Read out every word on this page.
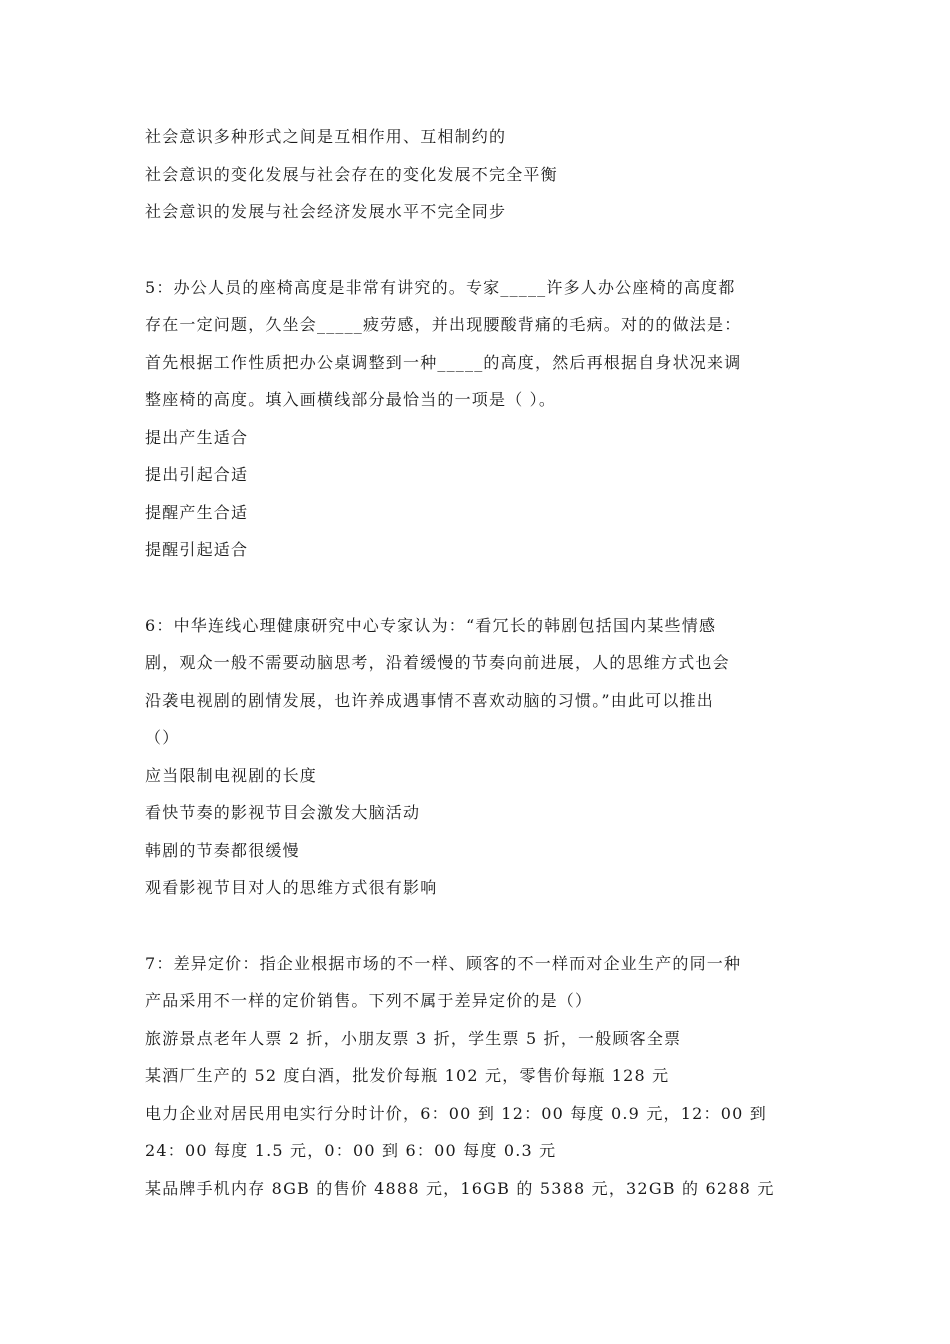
社会意识多种形式之间是互相作用、互相制约的
社会意识的变化发展与社会存在的变化发展不完全平衡
社会意识的发展与社会经济发展水平不完全同步
5：办公人员的座椅高度是非常有讲究的。专家_____许多人办公座椅的高度都
存在一定问题，久坐会_____疲劳感，并出现腰酸背痛的毛病。对的的做法是：
首先根据工作性质把办公桌调整到一种_____的高度，然后再根据自身状况来调
整座椅的高度。填入画横线部分最恰当的一项是（ ）。
提出产生适合
提出引起合适
提醒产生合适
提醒引起适合
6：中华连线心理健康研究中心专家认为：“看冗长的韩剧包括国内某些情感
剧，观众一般不需要动脑思考，沿着缓慢的节奏向前进展，人的思维方式也会
沿袭电视剧的剧情发展，也许养成遇事情不喜欢动脑的习惯。”由此可以推出
（）
应当限制电视剧的长度
看快节奏的影视节目会激发大脑活动
韩剧的节奏都很缓慢
观看影视节目对人的思维方式很有影响
7：差异定价：指企业根据市场的不一样、顾客的不一样而对企业生产的同一种
产品采用不一样的定价销售。下列不属于差异定价的是（）
旅游景点老年人票 2 折，小朋友票 3 折，学生票 5 折，一般顾客全票
某酒厂生产的 52 度白酒，批发价每瓶 102 元，零售价每瓶 128 元
电力企业对居民用电实行分时计价，6：00 到 12：00 每度 0.9 元，12：00 到
24：00 每度 1.5 元，0：00 到 6：00 每度 0.3 元
某品牌手机内存 8GB 的售价 4888 元，16GB 的 5388 元，32GB 的 6288 元
